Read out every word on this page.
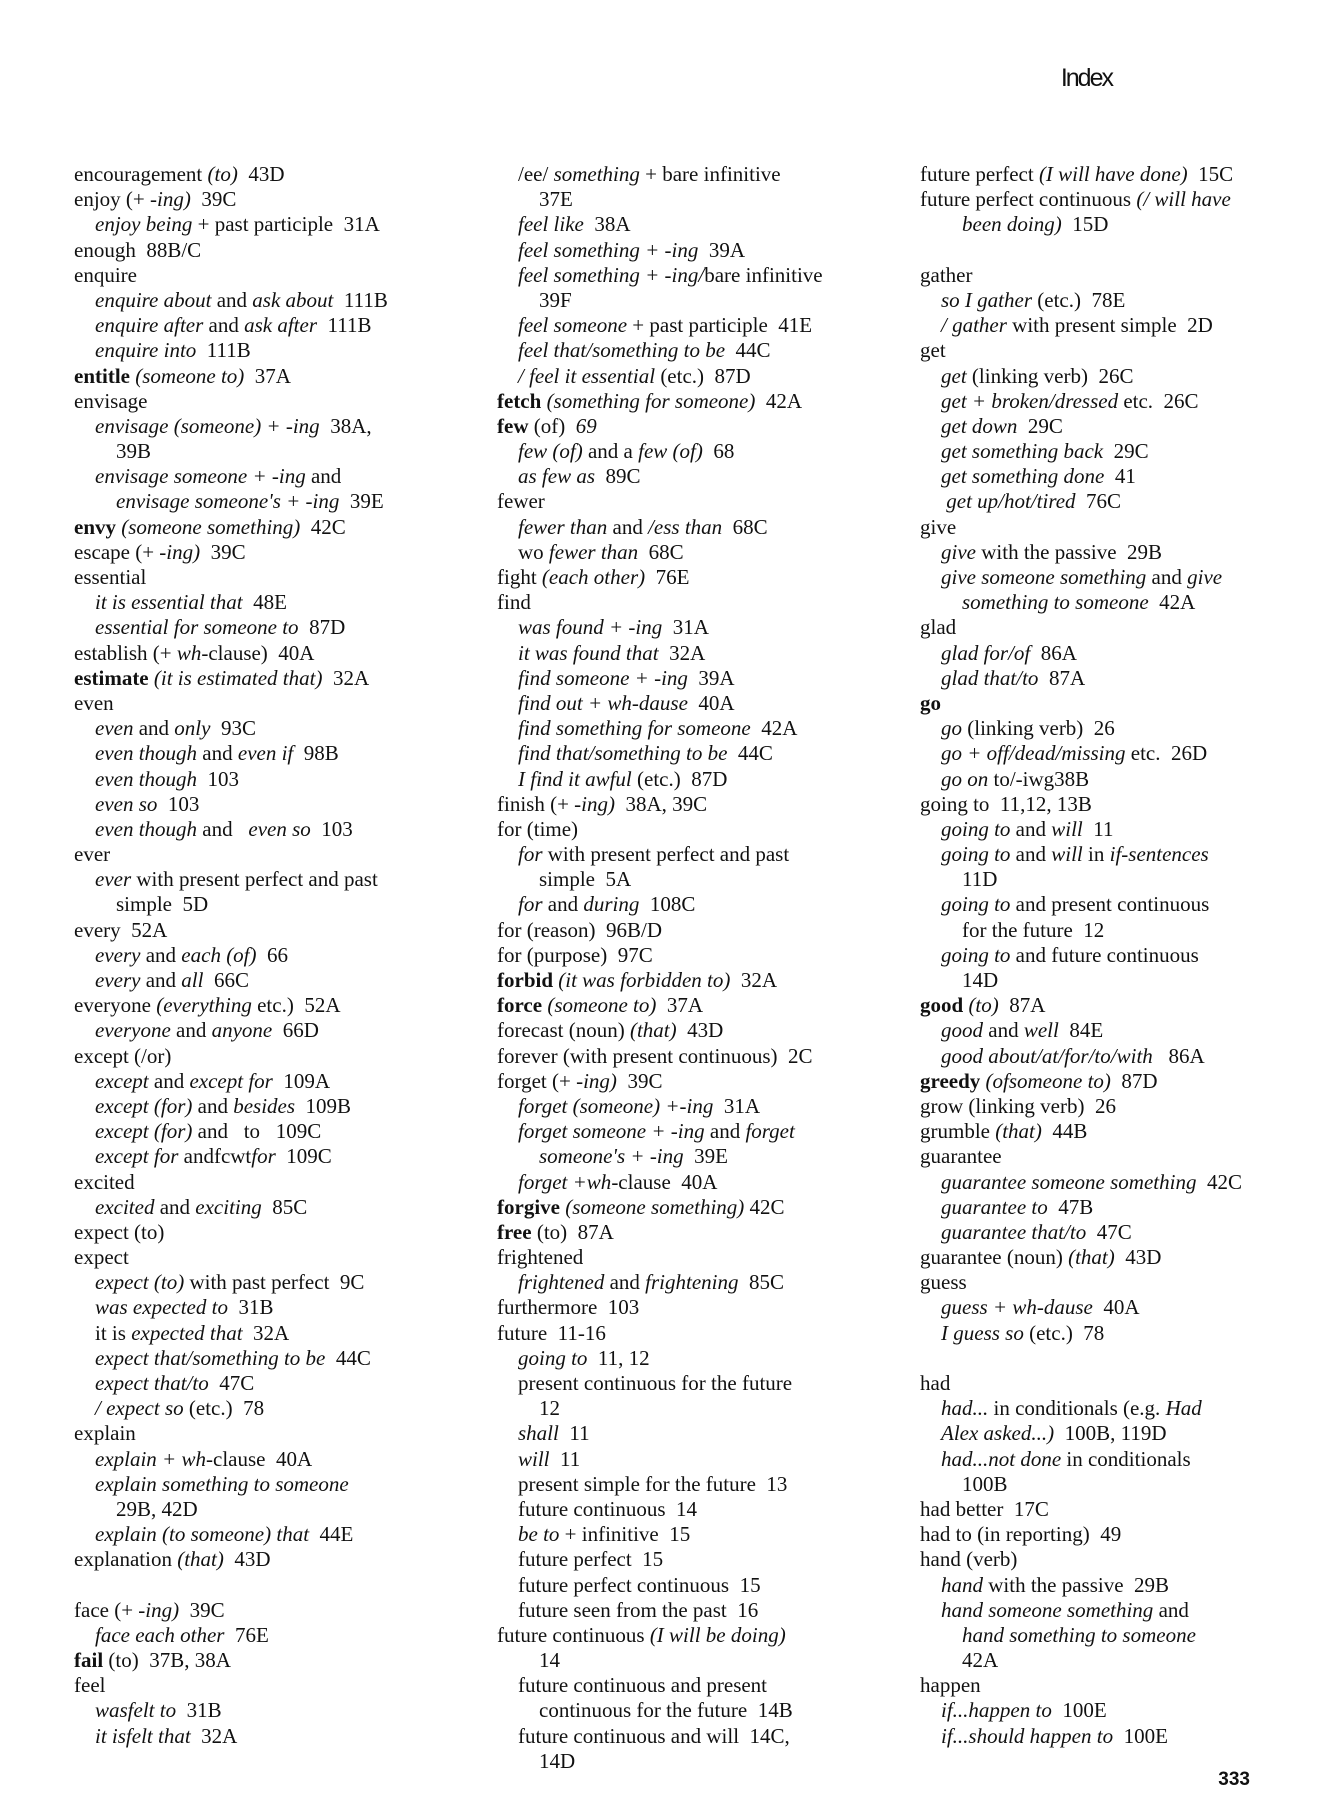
Index
encouragement (to)  43D
enjoy (+ -ing)  39C
enjoy being + past participle  31A
enough  88B/C
enquire
enquire about and ask about  111B
enquire after and ask after  111B
enquire into  111B
entitle (someone to)  37A
envisage
envisage (someone) + -ing  38A,
39B
envisage someone + -ing and
envisage someone's + -ing  39E
envy (someone something)  42C
escape (+ -ing)  39C
essential
it is essential that  48E
essential for someone to  87D
establish (+ wh-clause)  40A
estimate (it is estimated that)  32A
even
even and only  93C
even though and even if  98B
even though  103
even so  103
even though and   even so  103
ever
ever with present perfect and past
simple  5D
every  52A
every and each (of)  66
every and all  66C
everyone (everything etc.)  52A
everyone and anyone  66D
except (/or)
except and except for  109A
except (for) and besides  109B
except (for) and   to   109C
except for andfcwtfor  109C
excited
excited and exciting  85C
expect (to)
expect
expect (to) with past perfect  9C
was expected to  31B
it is expected that  32A
expect that/something to be  44C
expect that/to  47C
/ expect so (etc.)  78
explain
explain + wh-clause  40A
explain something to someone
29B, 42D
explain (to someone) that  44E
explanation (that)  43D
face (+ -ing)  39C
face each other  76E
fail (to)  37B, 38A
feel
wasfelt to  31B
it isfelt that  32A
/ee/ something + bare infinitive
37E
feel like  38A
feel something + -ing  39A
feel something + -ing/bare infinitive
39F
feel someone + past participle  41E
feel that/something to be  44C
/ feel it essential (etc.)  87D
fetch (something for someone)  42A
few (of)  69
few (of) and a few (of)  68
as few as  89C
fewer
fewer than and /ess than  68C
wo fewer than  68C
fight (each other)  76E
find
was found + -ing  31A
it was found that  32A
find someone + -ing  39A
find out + wh-dause  40A
find something for someone  42A
find that/something to be  44C
I find it awful (etc.)  87D
finish (+ -ing)  38A, 39C
for (time)
for with present perfect and past
simple  5A
for and during  108C
for (reason)  96B/D
for (purpose)  97C
forbid (it was forbidden to)  32A
force (someone to)  37A
forecast (noun) (that)  43D
forever (with present continuous)  2C
forget (+ -ing)  39C
forget (someone) +-ing  31A
forget someone + -ing and forget
someone's + -ing  39E
forget +wh-clause  40A
forgive (someone something) 42C
free (to)  87A
frightened
frightened and frightening  85C
furthermore  103
future  11-16
going to  11, 12
present continuous for the future
12
shall  11
will  11
present simple for the future  13
future continuous  14
be to + infinitive  15
future perfect  15
future perfect continuous  15
future seen from the past  16
future continuous (I will be doing)
14
future continuous and present
continuous for the future  14B
future continuous and will  14C,
14D
future perfect (I will have done)  15C
future perfect continuous (/ will have
been doing)  15D
gather
so I gather (etc.)  78E
/ gather with present simple  2D
get
get (linking verb)  26C
get + broken/dressed etc.  26C
get down  29C
get something back  29C
get something done  41
get up/hot/tired  76C
give
give with the passive  29B
give someone something and give
something to someone  42A
glad
glad for/of  86A
glad that/to  87A
go
go (linking verb)  26
go + off/dead/missing etc.  26D
go on to/-iwg38B
going to  11,12, 13B
going to and will  11
going to and will in if-sentences
11D
going to and present continuous
for the future  12
going to and future continuous
14D
good (to)  87A
good and well  84E
good about/at/for/to/with   86A
greedy (ofsomeone to)  87D
grow (linking verb)  26
grumble (that)  44B
guarantee
guarantee someone something  42C
guarantee to  47B
guarantee that/to  47C
guarantee (noun) (that)  43D
guess
guess + wh-dause  40A
I guess so (etc.)  78
had
had... in conditionals (e.g. Had
Alex asked...)  100B, 119D
had...not done in conditionals
100B
had better  17C
had to (in reporting)  49
hand (verb)
hand with the passive  29B
hand someone something and
hand something to someone
42A
happen
if...happen to  100E
if...should happen to  100E
333
